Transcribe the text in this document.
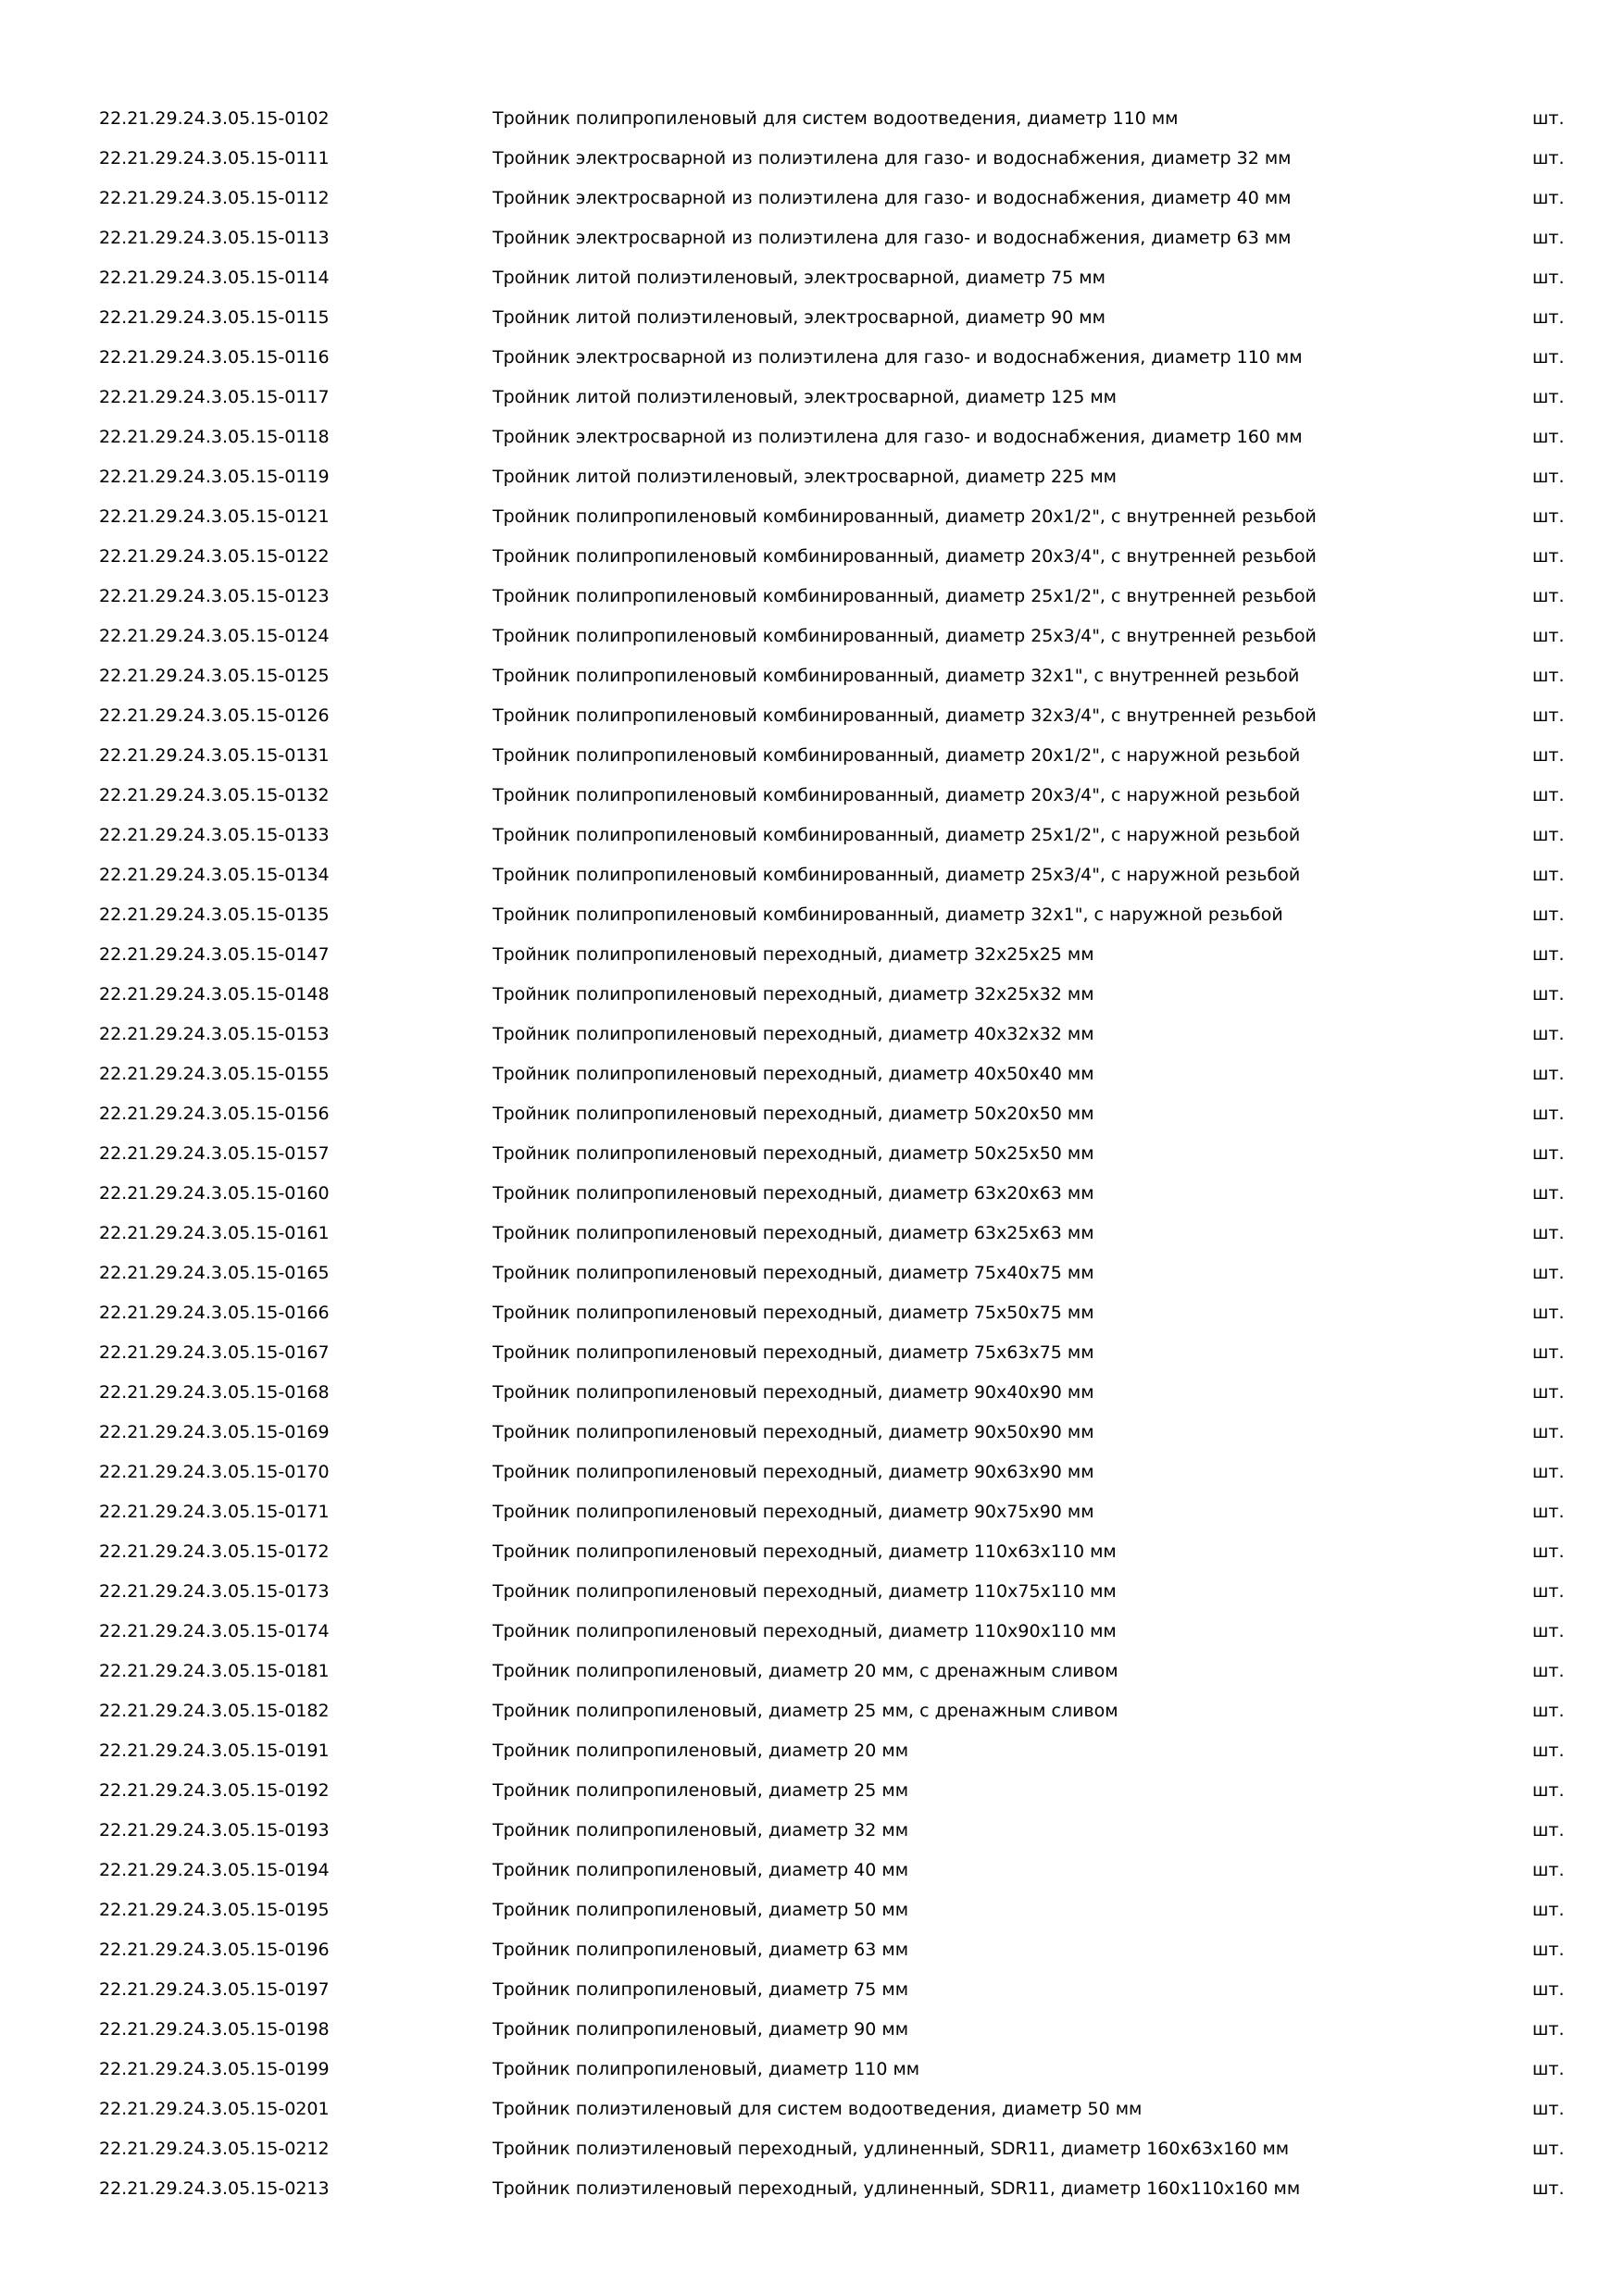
22.21.29.24.3.05.15-0102	Тройник полипропиленовый для систем водоотведения, диаметр 110 мм	шт.
22.21.29.24.3.05.15-0111	Тройник электросварной из полиэтилена для газо- и водоснабжения, диаметр 32 мм	шт.
22.21.29.24.3.05.15-0112	Тройник электросварной из полиэтилена для газо- и водоснабжения, диаметр 40 мм	шт.
22.21.29.24.3.05.15-0113	Тройник электросварной из полиэтилена для газо- и водоснабжения, диаметр 63 мм	шт.
22.21.29.24.3.05.15-0114	Тройник литой полиэтиленовый, электросварной, диаметр 75 мм	шт.
22.21.29.24.3.05.15-0115	Тройник литой полиэтиленовый, электросварной, диаметр 90 мм	шт.
22.21.29.24.3.05.15-0116	Тройник электросварной из полиэтилена для газо- и водоснабжения, диаметр 110 мм	шт.
22.21.29.24.3.05.15-0117	Тройник литой полиэтиленовый, электросварной, диаметр 125 мм	шт.
22.21.29.24.3.05.15-0118	Тройник электросварной из полиэтилена для газо- и водоснабжения, диаметр 160 мм	шт.
22.21.29.24.3.05.15-0119	Тройник литой полиэтиленовый, электросварной, диаметр 225 мм	шт.
22.21.29.24.3.05.15-0121	Тройник полипропиленовый комбинированный, диаметр 20x1/2", с внутренней резьбой	шт.
22.21.29.24.3.05.15-0122	Тройник полипропиленовый комбинированный, диаметр 20x3/4", с внутренней резьбой	шт.
22.21.29.24.3.05.15-0123	Тройник полипропиленовый комбинированный, диаметр 25x1/2", с внутренней резьбой	шт.
22.21.29.24.3.05.15-0124	Тройник полипропиленовый комбинированный, диаметр 25x3/4", с внутренней резьбой	шт.
22.21.29.24.3.05.15-0125	Тройник полипропиленовый комбинированный, диаметр 32x1", с внутренней резьбой	шт.
22.21.29.24.3.05.15-0126	Тройник полипропиленовый комбинированный, диаметр 32x3/4", с внутренней резьбой	шт.
22.21.29.24.3.05.15-0131	Тройник полипропиленовый комбинированный, диаметр 20x1/2", с наружной резьбой	шт.
22.21.29.24.3.05.15-0132	Тройник полипропиленовый комбинированный, диаметр 20x3/4", с наружной резьбой	шт.
22.21.29.24.3.05.15-0133	Тройник полипропиленовый комбинированный, диаметр 25x1/2", с наружной резьбой	шт.
22.21.29.24.3.05.15-0134	Тройник полипропиленовый комбинированный, диаметр 25x3/4", с наружной резьбой	шт.
22.21.29.24.3.05.15-0135	Тройник полипропиленовый комбинированный, диаметр 32x1", с наружной резьбой	шт.
22.21.29.24.3.05.15-0147	Тройник полипропиленовый переходный, диаметр 32x25x25 мм	шт.
22.21.29.24.3.05.15-0148	Тройник полипропиленовый переходный, диаметр 32x25x32 мм	шт.
22.21.29.24.3.05.15-0153	Тройник полипропиленовый переходный, диаметр 40x32x32 мм	шт.
22.21.29.24.3.05.15-0155	Тройник полипропиленовый переходный, диаметр 40x50x40 мм	шт.
22.21.29.24.3.05.15-0156	Тройник полипропиленовый переходный, диаметр 50x20x50 мм	шт.
22.21.29.24.3.05.15-0157	Тройник полипропиленовый переходный, диаметр 50x25x50 мм	шт.
22.21.29.24.3.05.15-0160	Тройник полипропиленовый переходный, диаметр 63x20x63 мм	шт.
22.21.29.24.3.05.15-0161	Тройник полипропиленовый переходный, диаметр 63x25x63 мм	шт.
22.21.29.24.3.05.15-0165	Тройник полипропиленовый переходный, диаметр 75x40x75 мм	шт.
22.21.29.24.3.05.15-0166	Тройник полипропиленовый переходный, диаметр 75x50x75 мм	шт.
22.21.29.24.3.05.15-0167	Тройник полипропиленовый переходный, диаметр 75x63x75 мм	шт.
22.21.29.24.3.05.15-0168	Тройник полипропиленовый переходный, диаметр 90x40x90 мм	шт.
22.21.29.24.3.05.15-0169	Тройник полипропиленовый переходный, диаметр 90x50x90 мм	шт.
22.21.29.24.3.05.15-0170	Тройник полипропиленовый переходный, диаметр 90x63x90 мм	шт.
22.21.29.24.3.05.15-0171	Тройник полипропиленовый переходный, диаметр 90x75x90 мм	шт.
22.21.29.24.3.05.15-0172	Тройник полипропиленовый переходный, диаметр 110x63x110 мм	шт.
22.21.29.24.3.05.15-0173	Тройник полипропиленовый переходный, диаметр 110x75x110 мм	шт.
22.21.29.24.3.05.15-0174	Тройник полипропиленовый переходный, диаметр 110x90x110 мм	шт.
22.21.29.24.3.05.15-0181	Тройник полипропиленовый, диаметр 20 мм, с дренажным сливом	шт.
22.21.29.24.3.05.15-0182	Тройник полипропиленовый, диаметр 25 мм, с дренажным сливом	шт.
22.21.29.24.3.05.15-0191	Тройник полипропиленовый, диаметр 20 мм	шт.
22.21.29.24.3.05.15-0192	Тройник полипропиленовый, диаметр 25 мм	шт.
22.21.29.24.3.05.15-0193	Тройник полипропиленовый, диаметр 32 мм	шт.
22.21.29.24.3.05.15-0194	Тройник полипропиленовый, диаметр 40 мм	шт.
22.21.29.24.3.05.15-0195	Тройник полипропиленовый, диаметр 50 мм	шт.
22.21.29.24.3.05.15-0196	Тройник полипропиленовый, диаметр 63 мм	шт.
22.21.29.24.3.05.15-0197	Тройник полипропиленовый, диаметр 75 мм	шт.
22.21.29.24.3.05.15-0198	Тройник полипропиленовый, диаметр 90 мм	шт.
22.21.29.24.3.05.15-0199	Тройник полипропиленовый, диаметр 110 мм	шт.
22.21.29.24.3.05.15-0201	Тройник полиэтиленовый для систем водоотведения, диаметр 50 мм	шт.
22.21.29.24.3.05.15-0212	Тройник полиэтиленовый переходный, удлиненный, SDR11, диаметр 160x63x160 мм	шт.
22.21.29.24.3.05.15-0213	Тройник полиэтиленовый переходный, удлиненный, SDR11, диаметр 160x110x160 мм	шт.
